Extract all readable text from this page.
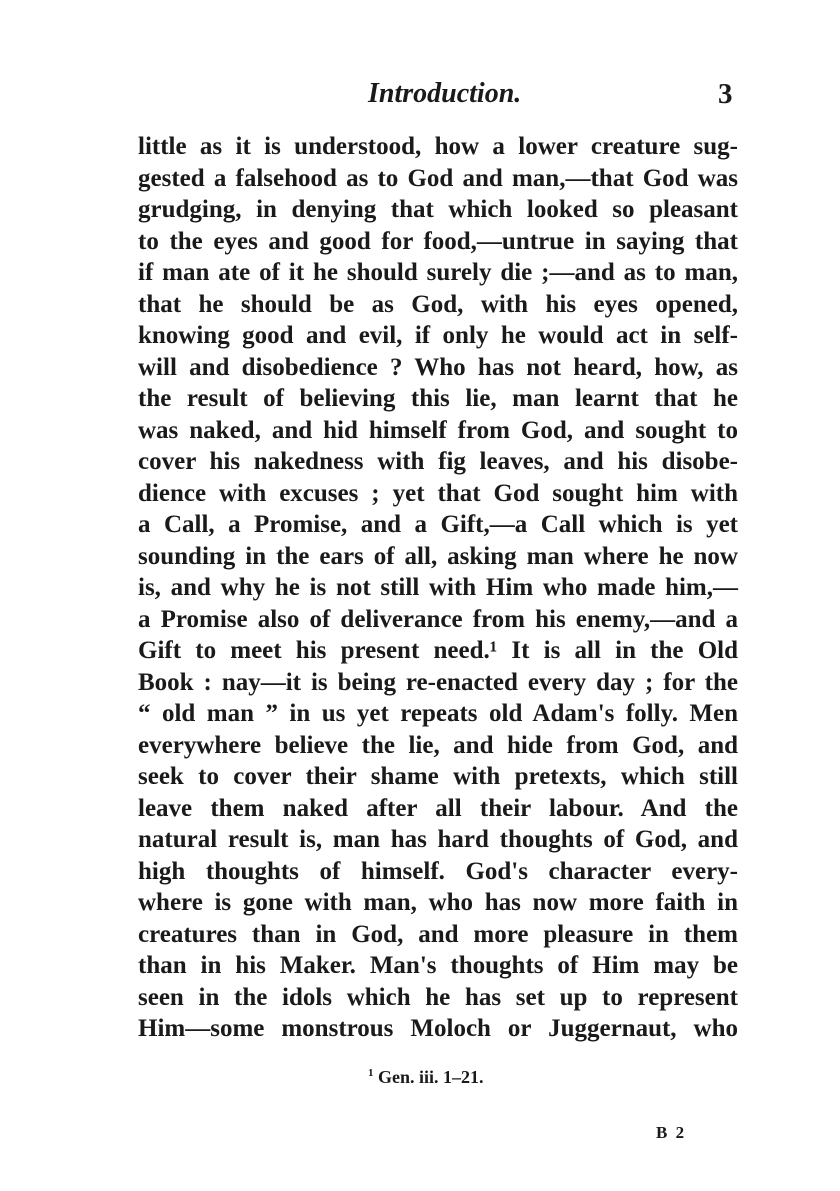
Introduction.	3
little as it is understood, how a lower creature sug-
gested a falsehood as to God and man,—that God was
grudging, in denying that which looked so pleasant
to the eyes and good for food,—untrue in saying that
if man ate of it he should surely die ;—and as to man,
that he should be as God, with his eyes opened,
knowing good and evil, if only he would act in self-
will and disobedience ? Who has not heard, how, as
the result of believing this lie, man learnt that he
was naked, and hid himself from God, and sought to
cover his nakedness with fig leaves, and his disobe-
dience with excuses ; yet that God sought him with
a Call, a Promise, and a Gift,—a Call which is yet
sounding in the ears of all, asking man where he now
is, and why he is not still with Him who made him,—
a Promise also of deliverance from his enemy,—and a
Gift to meet his present need.¹ It is all in the Old
Book : nay—it is being re-enacted every day ; for the
“ old man ” in us yet repeats old Adam's folly. Men
everywhere believe the lie, and hide from God, and
seek to cover their shame with pretexts, which still
leave them naked after all their labour. And the
natural result is, man has hard thoughts of God, and
high thoughts of himself. God's character every-
where is gone with man, who has now more faith in
creatures than in God, and more pleasure in them
than in his Maker. Man's thoughts of Him may be
seen in the idols which he has set up to represent
Him—some monstrous Moloch or Juggernaut, who
$^1$ Gen. iii. 1–21.
B 2
